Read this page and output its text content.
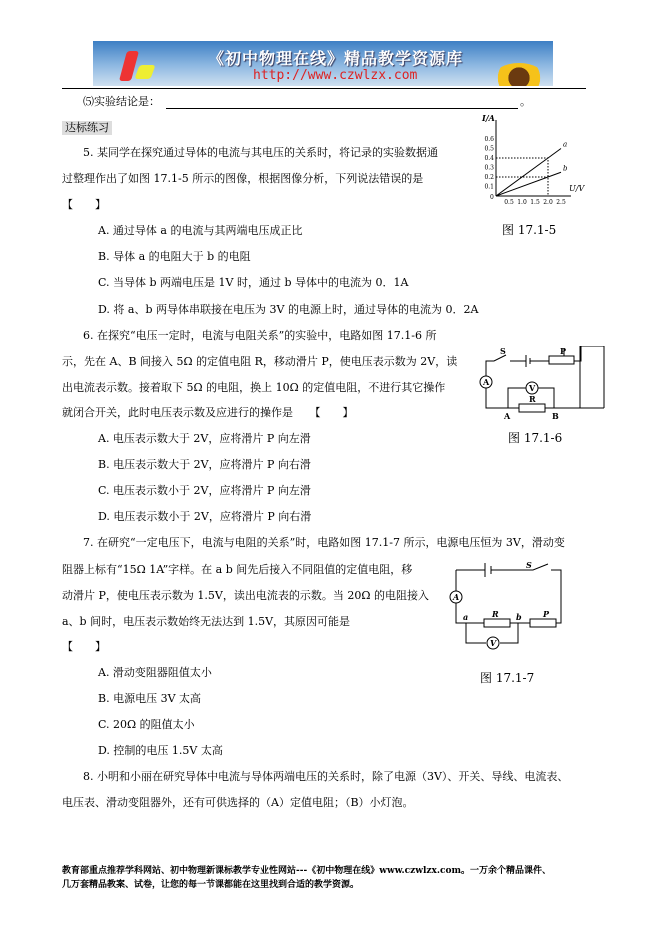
《初中物理在线》精品教学资源库
http://www.czwlzx.com
⑸实验结论是：	。
达标练习
5. 某同学在探究通过导体的电流与其电压的关系时，将记录的实验数据通
过整理作出了如图 17.1-5 所示的图像，根据图像分析，下列说法错误的是
【　　】
A. 通过导体 a 的电流与其两端电压成正比
B. 导体 a 的电阻大于 b 的电阻
C. 当导体 b 两端电压是 1V 时，通过 b 导体中的电流为 0．1A
D. 将 a、b 两导体串联接在电压为 3V 的电源上时，通过导体的电流为 0．2A
I/A
U/V
0
0.5 1.0 1.5 2.0 2.5
0.1
0.2
0.3
0.4
0.5
0.6
a
b
图 17.1-5
6. 在探究“电压一定时，电流与电阻关系”的实验中，电路如图 17.1-6 所
示，先在 A、B 间接入 5Ω 的定值电阻 R，移动滑片 P，使电压表示数为 2V，读
出电流表示数。接着取下 5Ω 的电阻，换上 10Ω 的定值电阻，不进行其它操作
就闭合开关，此时电压表示数及应进行的操作是　　【　　】
A. 电压表示数大于 2V，应将滑片 P 向左滑
B. 电压表示数大于 2V，应将滑片 P 向右滑
C. 电压表示数小于 2V，应将滑片 P 向左滑
D. 电压表示数小于 2V，应将滑片 P 向右滑
S	P
A
V
R
A	B
图 17.1-6
7. 在研究“一定电压下，电流与电阻的关系”时，电路如图 17.1-7 所示，电源电压恒为 3V，滑动变
阻器上标有“15Ω 1A”字样。在 a b 间先后接入不同阻值的定值电阻，移
动滑片 P，使电压表示数为 1.5V，读出电流表的示数。当 20Ω 的电阻接入
a、b 间时，电压表示数始终无法达到 1.5V，其原因可能是
【　　】
A. 滑动变阻器阻值太小
B. 电源电压 3V 太高
C. 20Ω 的阻值太小
D. 控制的电压 1.5V 太高
S
A
V
R	P
a	b
图 17.1-7
8. 小明和小丽在研究导体中电流与导体两端电压的关系时，除了电源（3V）、开关、导线、电流表、
电压表、滑动变阻器外，还有可供选择的（A）定值电阻；（B）小灯泡。
教育部重点推荐学科网站、初中物理新课标教学专业性网站---《初中物理在线》www.czwlzx.com。一万余个精品课件、
几万套精品教案、试卷，让您的每一节课都能在这里找到合适的教学资源。
